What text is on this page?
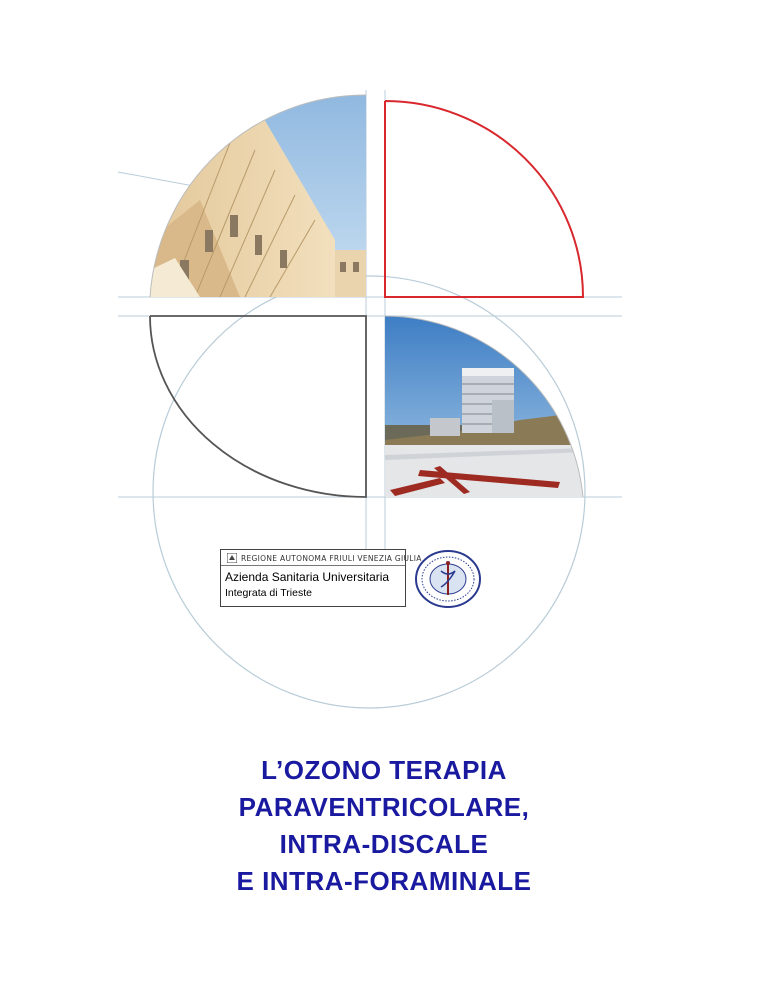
REGIONE AUTONOMA FRIULI VENEZIA GIULIA
Azienda Sanitaria Universitaria
Integrata di Trieste
L’OZONO TERAPIA
PARAVENTRICOLARE,
INTRA-DISCALE
E INTRA-FORAMINALE
